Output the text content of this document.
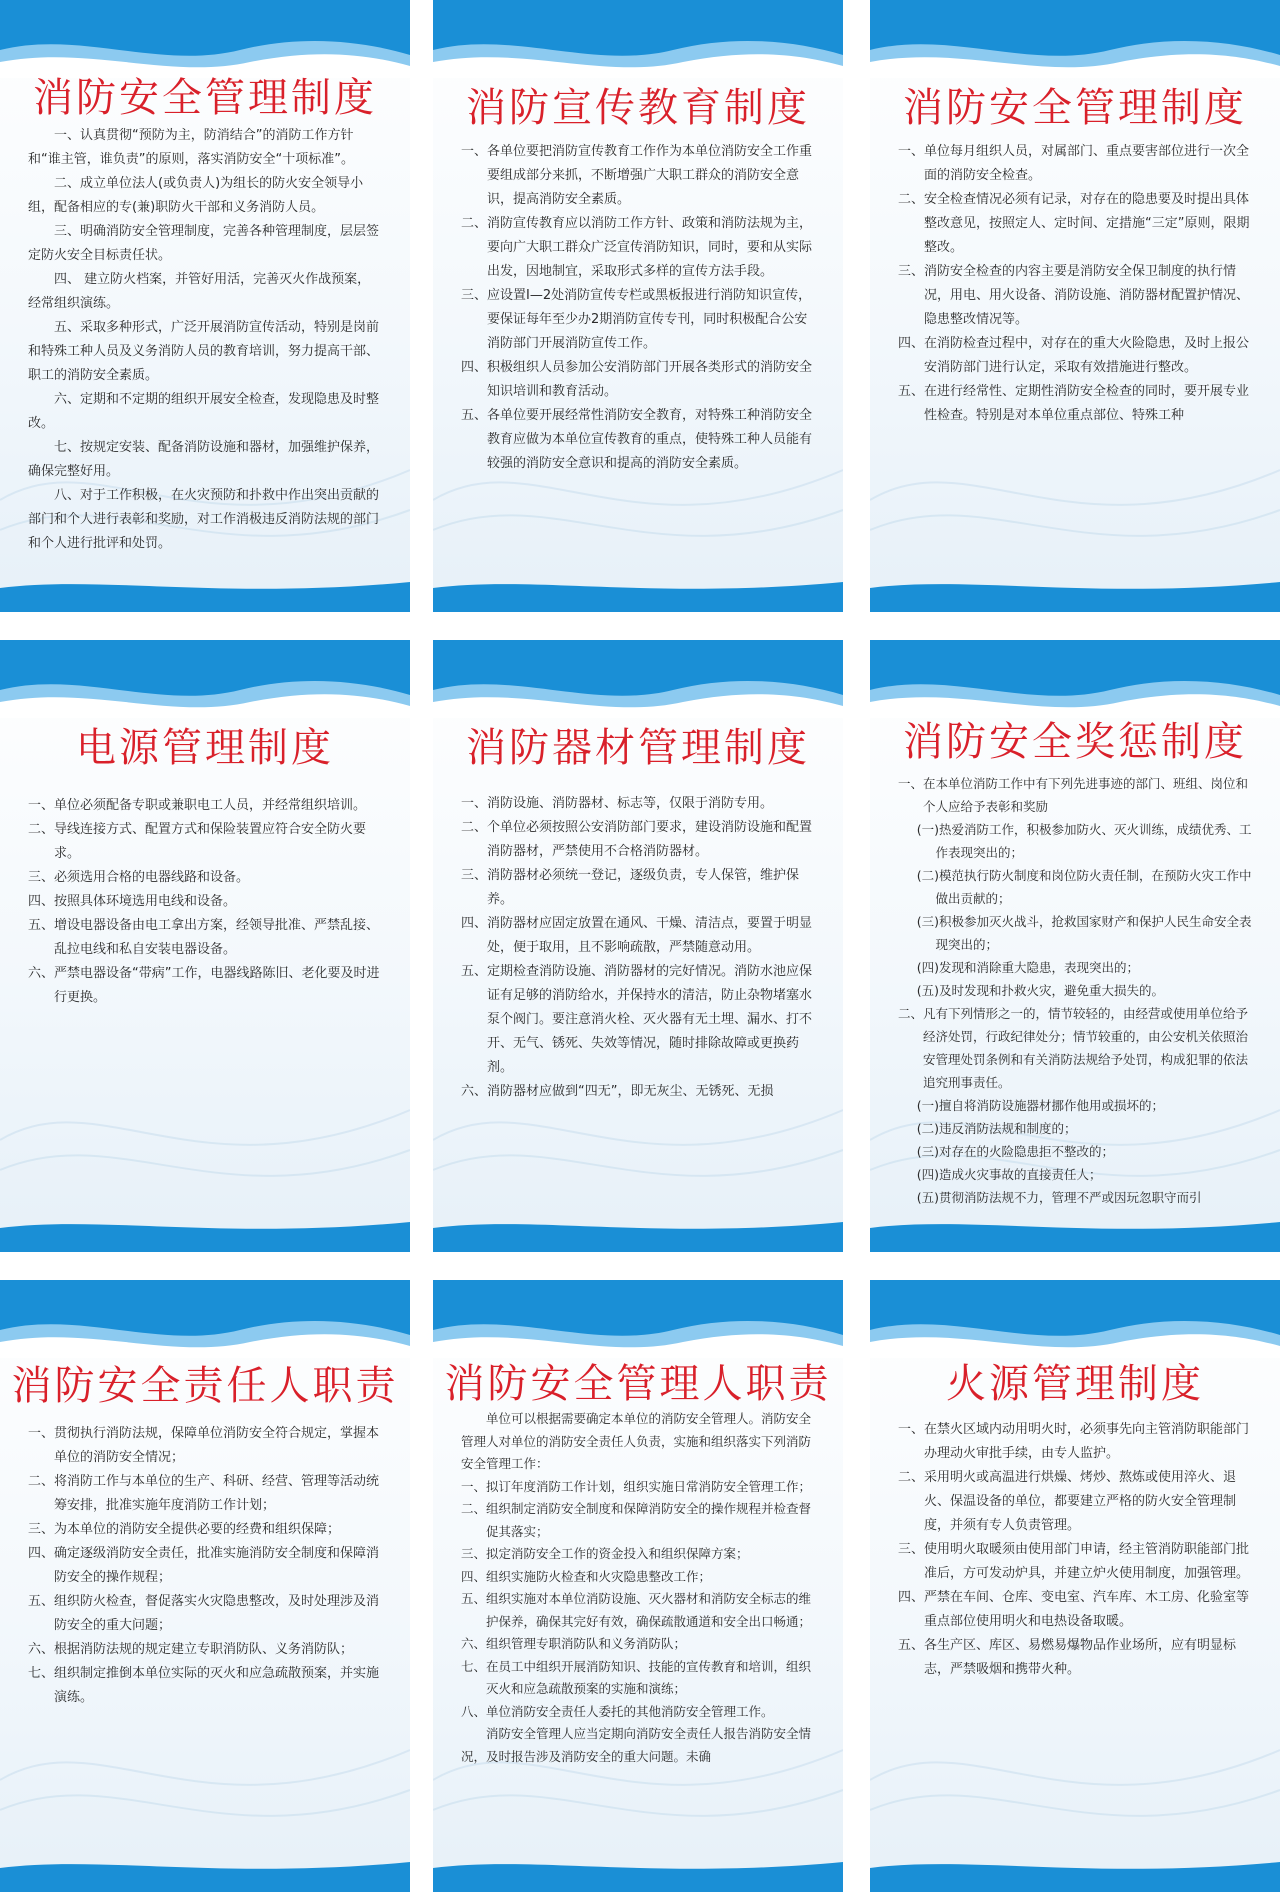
消防安全管理制度

一、认真贯彻“预防为主，防消结合”的消防工作方针和“谁主管，谁负责”的原则，落实消防安全“十项标准”。

二、成立单位法人(或负责人)为组长的防火安全领导小组，配备相应的专(兼)职防火干部和义务消防人员。

三、明确消防安全管理制度，完善各种管理制度，层层签定防火安全目标责任状。

四、 建立防火档案，并管好用活，完善灭火作战预案，经常组织演练。

五、采取多种形式，广泛开展消防宣传活动，特别是岗前和特殊工种人员及义务消防人员的教育培训，努力提高干部、职工的消防安全素质。

六、定期和不定期的组织开展安全检查，发现隐患及时整改。

七、按规定安装、配备消防设施和器材，加强维护保养，确保完整好用。

八、对于工作积极，在火灾预防和扑救中作出突出贡献的部门和个人进行表彰和奖励，对工作消极违反消防法规的部门和个人进行批评和处罚。

消防宣传教育制度

一、各单位要把消防宣传教育工作作为本单位消防安全工作重要组成部分来抓，不断增强广大职工群众的消防安全意识，提高消防安全素质。

二、消防宣传教育应以消防工作方针、政策和消防法规为主，要向广大职工群众广泛宣传消防知识，同时，要和从实际出发，因地制宜，采取形式多样的宣传方法手段。

三、应设置I—2处消防宣传专栏或黑板报进行消防知识宣传，要保证每年至少办2期消防宣传专刊，同时积极配合公安消防部门开展消防宣传工作。

四、积极组织人员参加公安消防部门开展各类形式的消防安全知识培训和教育活动。

五、各单位要开展经常性消防安全教育，对特殊工种消防安全教育应做为本单位宣传教育的重点，使特殊工种人员能有较强的消防安全意识和提高的消防安全素质。

消防安全管理制度

一、单位每月组织人员，对属部门、重点要害部位进行一次全面的消防安全检查。

二、安全检查情况必须有记录，对存在的隐患要及时提出具体整改意见，按照定人、定时间、定措施“三定”原则，限期整改。

三、消防安全检查的内容主要是消防安全保卫制度的执行情况，用电、用火设备、消防设施、消防器材配置护情况、隐患整改情况等。

四、在消防检查过程中，对存在的重大火险隐患，及时上报公安消防部门进行认定，采取有效措施进行整改。

五、在进行经常性、定期性消防安全检查的同时，要开展专业性检查。特别是对本单位重点部位、特殊工种

电源管理制度

一、单位必须配备专职或兼职电工人员，并经常组织培训。

二、导线连接方式、配置方式和保险装置应符合安全防火要求。

三、必须选用合格的电器线路和设备。

四、按照具体环境选用电线和设备。

五、增设电器设备由电工拿出方案，经领导批准、严禁乱接、乱拉电线和私自安装电器设备。

六、严禁电器设备“带病”工作，电器线路陈旧、老化要及时进行更换。

消防器材管理制度

一、消防设施、消防器材、标志等，仅限于消防专用。

二、个单位必须按照公安消防部门要求，建设消防设施和配置消防器材，严禁使用不合格消防器材。

三、消防器材必须统一登记，逐级负责，专人保管，维护保养。

四、消防器材应固定放置在通风、干燥、清洁点，要置于明显处，便于取用，且不影响疏散，严禁随意动用。

五、定期检查消防设施、消防器材的完好情况。消防水池应保证有足够的消防给水，并保持水的清洁，防止杂物堵塞水泵个阀门。要注意消火栓、灭火器有无土埋、漏水、打不开、无气、锈死、失效等情况，随时排除故障或更换药剂。

六、消防器材应做到“四无”，即无灰尘、无锈死、无损

消防安全奖惩制度

一、在本单位消防工作中有下列先进事迹的部门、班组、岗位和个人应给予表彰和奖励

(一)热爱消防工作，积极参加防火、灭火训练，成绩优秀、工作表现突出的；

(二)模范执行防火制度和岗位防火责任制，在预防火灾工作中做出贡献的；

(三)积极参加灭火战斗，抢救国家财产和保护人民生命安全表现突出的；

(四)发现和消除重大隐患，表现突出的；

(五)及时发现和扑救火灾，避免重大损失的。

二、凡有下列情形之一的，情节较轻的，由经营或使用单位给予经济处罚，行政纪律处分；情节较重的，由公安机关依照治安管理处罚条例和有关消防法规给予处罚，构成犯罪的依法追究刑事责任。

(一)擅自将消防设施器材挪作他用或损坏的；

(二)违反消防法规和制度的；

(三)对存在的火险隐患拒不整改的；

(四)造成火灾事故的直接责任人；

(五)贯彻消防法规不力，管理不严或因玩忽职守而引

消防安全责任人职责

一、贯彻执行消防法规，保障单位消防安全符合规定，掌握本单位的消防安全情况；

二、将消防工作与本单位的生产、科研、经营、管理等活动统筹安排，批准实施年度消防工作计划；

三、为本单位的消防安全提供必要的经费和组织保障；

四、确定逐级消防安全责任，批准实施消防安全制度和保障消防安全的操作规程；

五、组织防火检查，督促落实火灾隐患整改，及时处理涉及消防安全的重大问题；

六、根据消防法规的规定建立专职消防队、义务消防队；

七、组织制定推倒本单位实际的灭火和应急疏散预案，并实施演练。

消防安全管理人职责

单位可以根据需要确定本单位的消防安全管理人。消防安全管理人对单位的消防安全责任人负责，实施和组织落实下列消防安全管理工作：

一、拟订年度消防工作计划，组织实施日常消防安全管理工作；

二、组织制定消防安全制度和保障消防安全的操作规程并检查督促其落实；

三、拟定消防安全工作的资金投入和组织保障方案；

四、组织实施防火检查和火灾隐患整改工作；

五、组织实施对本单位消防设施、灭火器材和消防安全标志的维护保养，确保其完好有效，确保疏散通道和安全出口畅通；

六、组织管理专职消防队和义务消防队；

七、在员工中组织开展消防知识、技能的宣传教育和培训，组织灭火和应急疏散预案的实施和演练；

八、单位消防安全责任人委托的其他消防安全管理工作。

消防安全管理人应当定期向消防安全责任人报告消防安全情况，及时报告涉及消防安全的重大问题。未确

火源管理制度

一、在禁火区域内动用明火时，必须事先向主管消防职能部门办理动火审批手续，由专人监护。

二、采用明火或高温进行烘燥、烤炒、熬炼或使用淬火、退火、保温设备的单位，都要建立严格的防火安全管理制度，并须有专人负责管理。

三、使用明火取暖须由使用部门申请，经主管消防职能部门批准后，方可发动炉具，并建立炉火使用制度，加强管理。

四、严禁在车间、仓库、变电室、汽车库、木工房、化验室等重点部位使用明火和电热设备取暖。

五、各生产区、库区、易燃易爆物品作业场所，应有明显标志，严禁吸烟和携带火种。
